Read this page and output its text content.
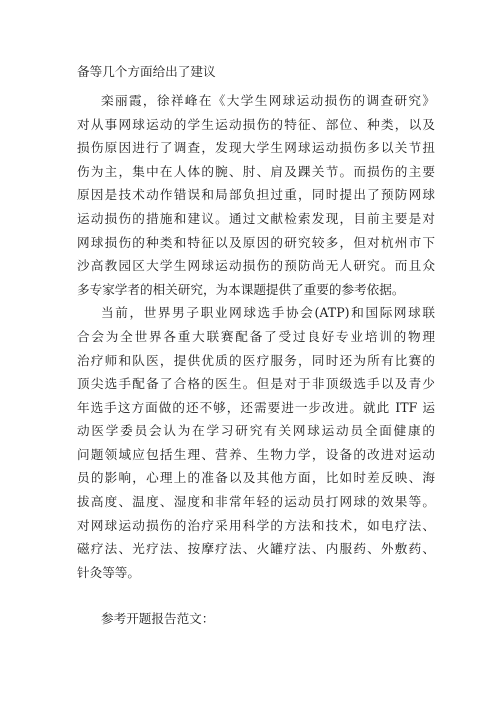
备等几个方面给出了建议
栾丽霞，徐祥峰在《大学生网球运动损伤的调查研究》
对从事网球运动的学生运动损伤的特征、部位、种类，以及
损伤原因进行了调查，发现大学生网球运动损伤多以关节扭
伤为主，集中在人体的腕、肘、肩及踝关节。而损伤的主要
原因是技术动作错误和局部负担过重，同时提出了预防网球
运动损伤的措施和建议。通过文献检索发现，目前主要是对
网球损伤的种类和特征以及原因的研究较多，但对杭州市下
沙高教园区大学生网球运动损伤的预防尚无人研究。而且众
多专家学者的相关研究，为本课题提供了重要的参考依据。
当前，世界男子职业网球选手协会(ATP)和国际网球联
合会为全世界各重大联赛配备了受过良好专业培训的物理
治疗师和队医，提供优质的医疗服务，同时还为所有比赛的
顶尖选手配备了合格的医生。但是对于非顶级选手以及青少
年选手这方面做的还不够，还需要进一步改进。就此 ITF 运
动医学委员会认为在学习研究有关网球运动员全面健康的
问题领域应包括生理、营养、生物力学，设备的改进对运动
员的影响，心理上的准备以及其他方面，比如时差反映、海
拔高度、温度、湿度和非常年轻的运动员打网球的效果等。
对网球运动损伤的治疗采用科学的方法和技术，如电疗法、
磁疗法、光疗法、按摩疗法、火罐疗法、内服药、外敷药、
针灸等等。
参考开题报告范文：
